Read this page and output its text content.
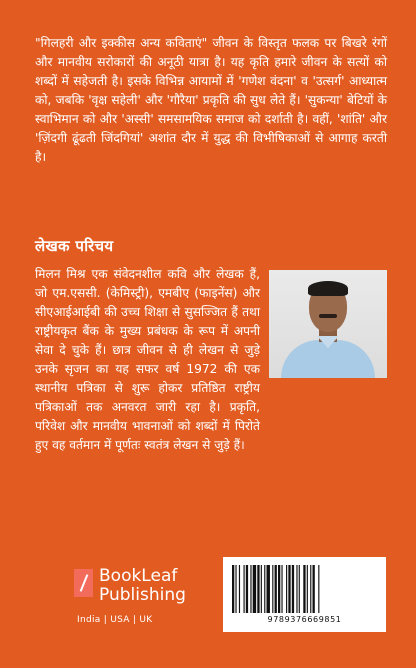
"गिलहरी और इक्कीस अन्य कविताएं" जीवन के विस्तृत फलक पर बिखरे रंगों और मानवीय सरोकारों की अनूठी यात्रा है। यह कृति हमारे जीवन के सत्यों को शब्दों में सहेजती है। इसके विभिन्न आयामों में 'गणेश वंदना' व 'उत्सर्ग' आध्यात्म को, जबकि 'वृक्ष सहेली' और 'गौरैया' प्रकृति की सुध लेते हैं। 'सुकन्या' बेटियों के स्वाभिमान को और 'अस्सी' समसामयिक समाज को दर्शाती है। वहीं, 'शांति' और 'ज़िंदगी ढूंढती जिंदगियां' अशांत दौर में युद्ध की विभीषिकाओं से आगाह करती है।
लेखक परिचय
मिलन मिश्र एक संवेदनशील कवि और लेखक हैं, जो एम.एससी. (केमिस्ट्री), एमबीए (फाइनेंस) और सीएआईआईबी की उच्च शिक्षा से सुसज्जित हैं तथा राष्ट्रीयकृत बैंक के मुख्य प्रबंधक के रूप में अपनी सेवा दे चुके हैं। छात्र जीवन से ही लेखन से जुड़े उनके सृजन का यह सफर वर्ष 1972 की एक स्थानीय पत्रिका से शुरू होकर प्रतिष्ठित राष्ट्रीय पत्रिकाओं तक अनवरत जारी रहा है। प्रकृति, परिवेश और मानवीय भावनाओं को शब्दों में पिरोते हुए वह वर्तमान में पूर्णतः स्वतंत्र लेखन से जुड़े हैं।
BookLeaf
Publishing
India | USA | UK	9789376669851
